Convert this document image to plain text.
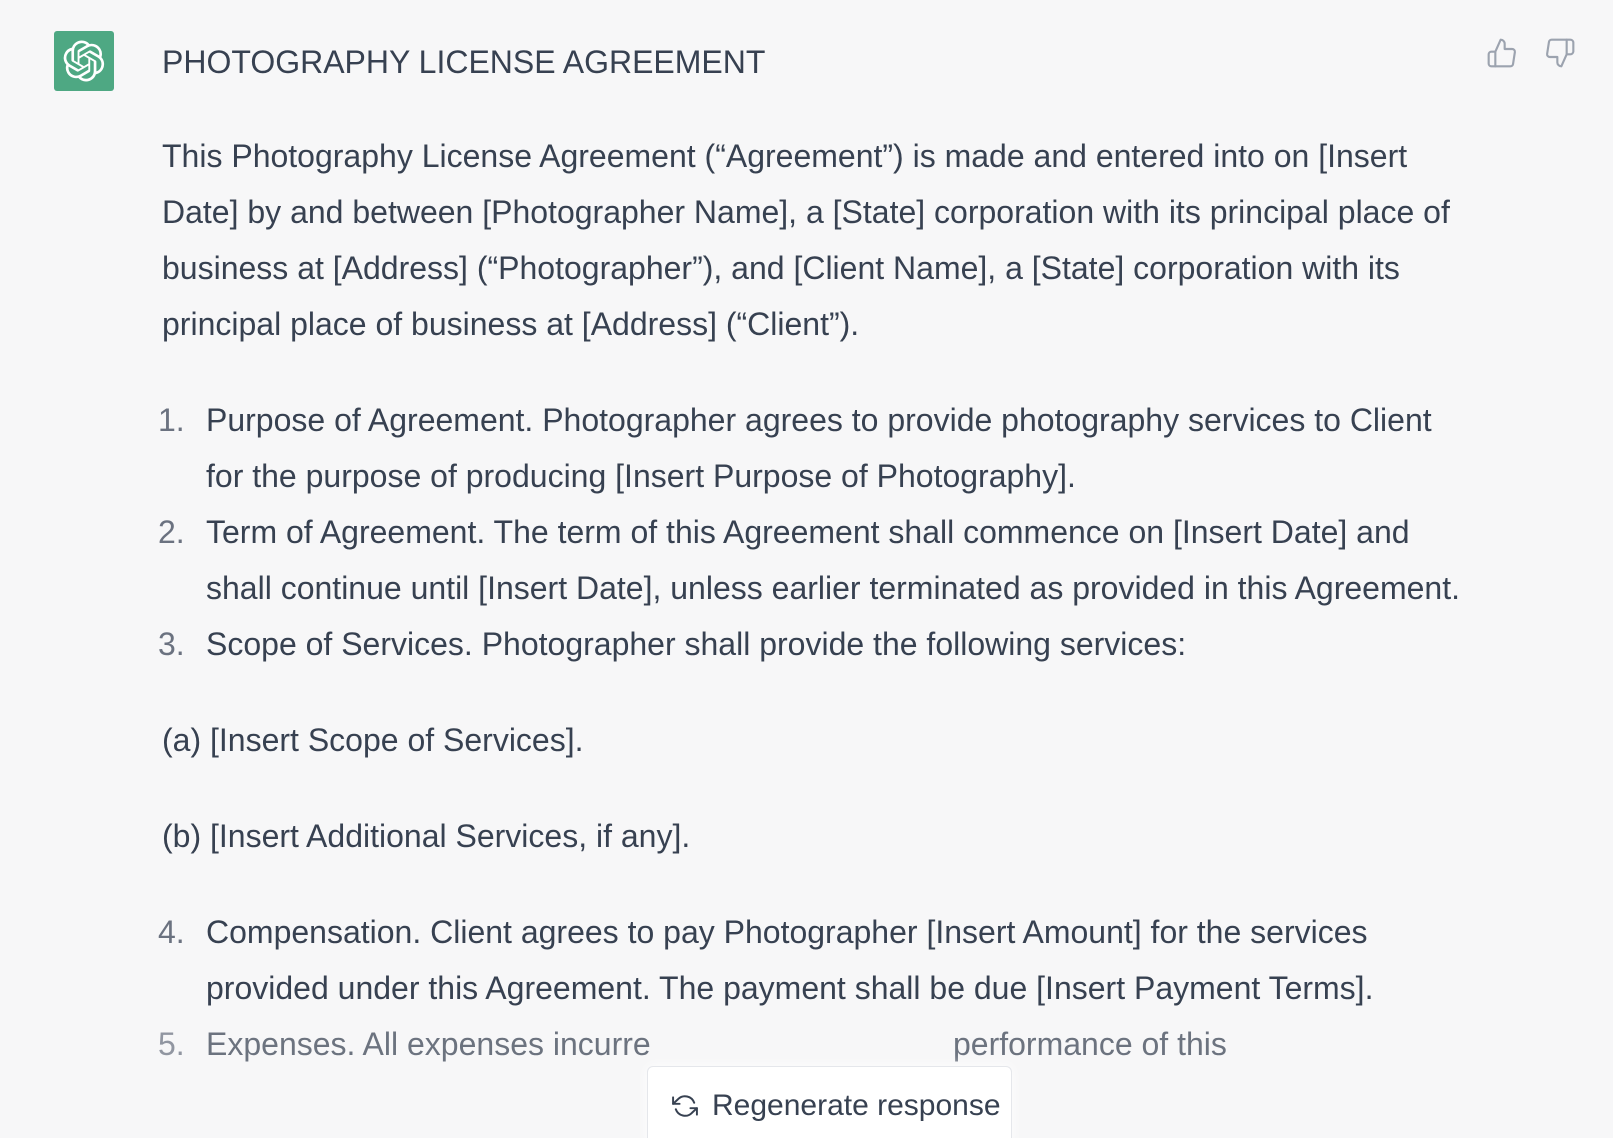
PHOTOGRAPHY LICENSE AGREEMENT

This Photography License Agreement (“Agreement”) is made and entered into on [Insert Date] by and between [Photographer Name], a [State] corporation with its principal place of business at [Address] (“Photographer”), and [Client Name], a [State] corporation with its principal place of business at [Address] (“Client”).

1. Purpose of Agreement. Photographer agrees to provide photography services to Client for the purpose of producing [Insert Purpose of Photography].
2. Term of Agreement. The term of this Agreement shall commence on [Insert Date] and shall continue until [Insert Date], unless earlier terminated as provided in this Agreement.
3. Scope of Services. Photographer shall provide the following services:

(a) [Insert Scope of Services].

(b) [Insert Additional Services, if any].

4. Compensation. Client agrees to pay Photographer [Insert Amount] for the services provided under this Agreement. The payment shall be due [Insert Payment Terms].
5. Expenses. All expenses incurre                                  performance of this
Regenerate response
